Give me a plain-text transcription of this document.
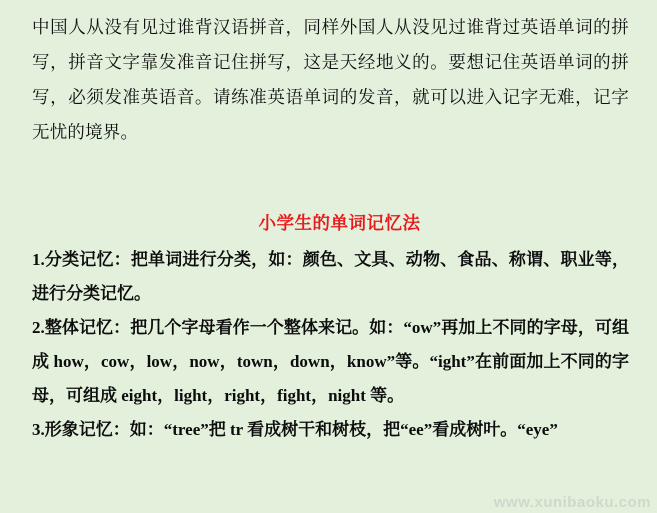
中国人从没有见过谁背汉语拼音，同样外国人从没见过谁背过英语单词的拼写，拼音文字靠发准音记住拼写，这是天经地义的。要想记住英语单词的拼写，必须发准英语音。请练准英语单词的发音，就可以进入记字无难，记字无忧的境界。

小学生的单词记忆法

1.分类记忆：把单词进行分类，如：颜色、文具、动物、食品、称谓、职业等，进行分类记忆。

2.整体记忆：把几个字母看作一个整体来记。如：“ow”再加上不同的字母，可组成 how，cow，low，now，town，down，know”等。“ight”在前面加上不同的字母，可组成 eight，light，right，fight，night 等。

3.形象记忆：如：“tree”把 tr 看成树干和树枝，把“ee”看成树叶。“eye”

www.xunibaoku.com
